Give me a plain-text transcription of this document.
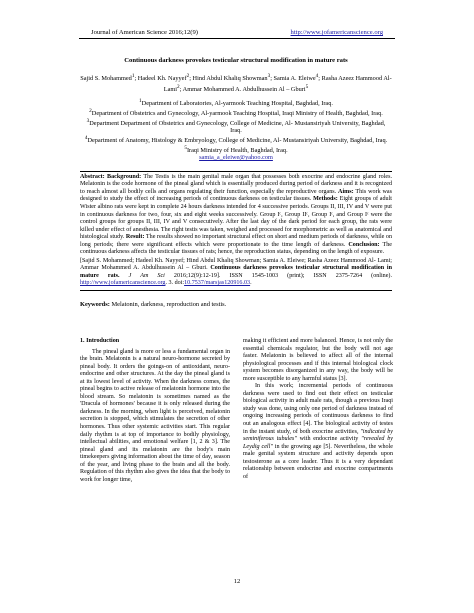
Journal of American Science 2016;12(9)	http://www.jofamericanscience.org
Continuous darkness provokes testicular structural modification in mature rats
Sajid S. Mohammed$^1$; Hadeel Kh. Nayyef$^2$; Hind Abdul Khaliq Showman$^3$; Samia A. Eleiwe$^4$; Rasha Azeez Hammood Al- Lami$^2$; Ammar Mohammed A. Abdulhussein Al – Gburi$^5$

$^1$Department of Laboratories, Al-yarmook Teaching Hospital, Baghdad, Iraq.

$^2$Department of Obstetrics and Gynecology, Al-yarmook Teaching Hospital, Iraqi Ministry of Health, Baghdad, Iraq.

$^3$Department Department of Obstetrics and Gynecology, College of Medicine, Al- Mustansiriyah University, Baghdad, Iraq.

$^4$Department of Anatomy, Histology & Embryology, College of Medicine, Al- Mustansiriyah University, Baghdad, Iraq.

$^5$Iraqi Ministry of Health, Baghdad, Iraq.

samia_a_eleiwe@yahoo.com

Abstract: Background: The Testis is the main genital male organ that possesses both exocrine and endocrine gland roles. Melatonin is the code hormone of the pineal gland which is essentially produced during period of darkness and it is recognized to reach almost all bodily cells and organs regulating their function, especially the reproductive organs. Aims: This work was designed to study the effect of increasing periods of continuous darkness on testicular tissues. Methods: Eight groups of adult Wister albino rats were kept in complete 24 hours darkness intended for 4 successive periods. Groups II, III, IV and V were put in continuous darkness for two, four, six and eight weeks successively. Group Iᶜ, Group IIᶜ, Group Iᶜ, and Group Iᶜ were the control groups for groups II, III, IV and V consecutively. After the last day of the dark period for each group, the rats were killed under effect of anesthesia. The right testis was taken, weighed and processed for morphometric as well as anatomical and histological study. Result: The results showed no important structural effect on short and medium periods of darkness, while on long periods; there were significant effects which were proportionate to the time length of darkness. Conclusion: The continuous darkness affects the testicular tissues of rats; hence, the reproduction status, depending on the length of exposure.

[Sajid S. Mohammed; Hadeel Kh. Nayyef; Hind Abdul Khaliq Showman; Samia A. Eleiwe; Rasha Azeez Hammood Al- Lami; Ammar Mohammed A. Abdulhussein Al – Gburi. Continuous darkness provokes testicular structural modification in mature rats. J Am Sci 2016;12(9):12-19]. ISSN 1545-1003 (print); ISSN 2375-7264 (online). http://www.jofamericanscience.org. 3. doi:10.7537/marsjas120916.03.
Keywords: Melatonin, darkness, reproduction and testis.
1. Introduction

The pineal gland is more or less a fundamental organ in the brain. Melatonin is a natural neuro-hormone secreted by pineal body. It orders the goings-on of antioxidant, neuro-endocrine and other structures. At the day the pineal gland is at its lowest level of activity. When the darkness comes, the pineal begins to active release of melatonin hormone into the blood stream. So melatonin is sometimes named as the 'Dracula of hormones' because it is only released during the darkness. In the morning, when light is perceived, melatonin secretion is stopped, which stimulates the secretion of other hormones. Thus other systemic activities start. This regular daily rhythm is at top of importance to bodily physiology, intellectual abilities, and emotional welfare [1, 2 & 3]. The pineal gland and its melatonin are the body's main timekeepers giving information about the time of day, season of the year, and living phase to the brain and all the body. Regulation of this rhythm also gives the idea that the body to work for longer time,

making it efficient and more balanced. Hence, is not only the essential chemicals regulator, but the body will not age faster. Melatonin is believed to affect all of the internal physiological processes and if this internal biological clock system becomes disorganized in any way, the body will be more susceptible to any harmful status [3].

In this work; incremental periods of continuous darkness were used to find out their effect on testicular biological activity in adult male rats, though a previous Iraqi study was done, using only one period of darkness instead of ongoing increasing periods of continuous darkness to find out an analogous effect [4]. The biological activity of testes in the instant study, of both exocrine activities, "indicated by seminiferous tubules" with endocrine activity "revealed by Leydig cell" in the growing age [5]. Nevertheless, the whole male genital system structure and activity depends upon testosterone as a core leader. Thus it is a very dependant relationship between endocrine and exocrine compartments of

12
